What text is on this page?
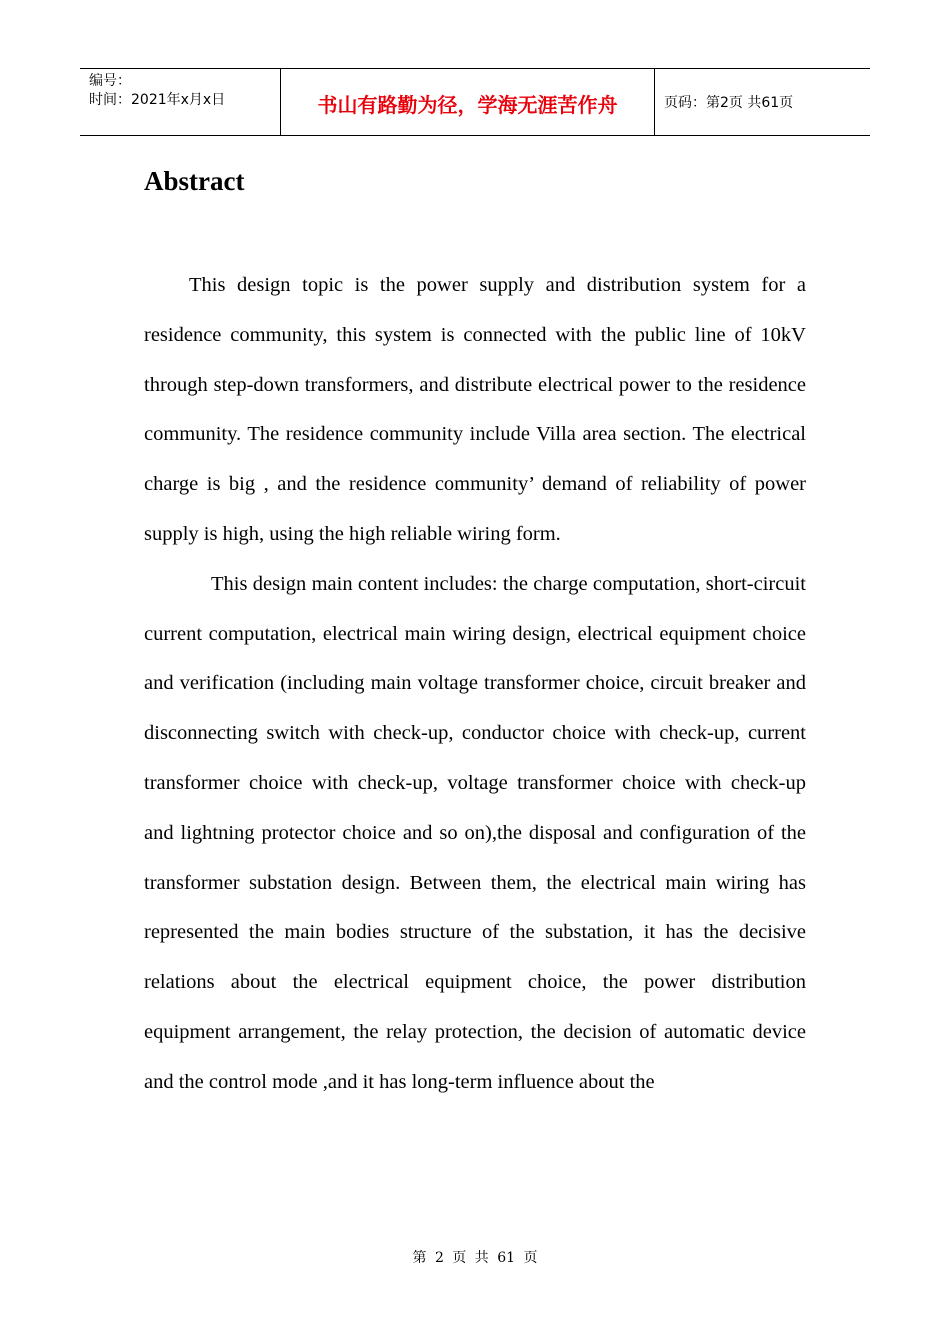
编号：
时间：2021年x月x日	书山有路勤为径，学海无涯苦作舟	页码：第2页 共61页
Abstract

This design topic is the power supply and distribution system for a residence community, this system is connected with the public line of 10kV through step-down transformers, and distribute electrical power to the residence community. The residence community include Villa area section. The electrical charge is big , and the residence community’ demand of reliability of power supply is high, using the high reliable wiring form.

This design main content includes: the charge computation, short-circuit current computation, electrical main wiring design, electrical equipment choice and verification (including main voltage transformer choice, circuit breaker and disconnecting switch with check-up, conductor choice with check-up, current transformer choice with check-up, voltage transformer choice with check-up and lightning protector choice and so on),the disposal and configuration of the transformer substation design. Between them, the electrical main wiring has represented the main bodies structure of the substation, it has the decisive relations about the electrical equipment choice, the power distribution equipment arrangement, the relay protection, the decision of automatic device and the control mode ,and it has long-term influence about the

第 2 页 共 61 页
